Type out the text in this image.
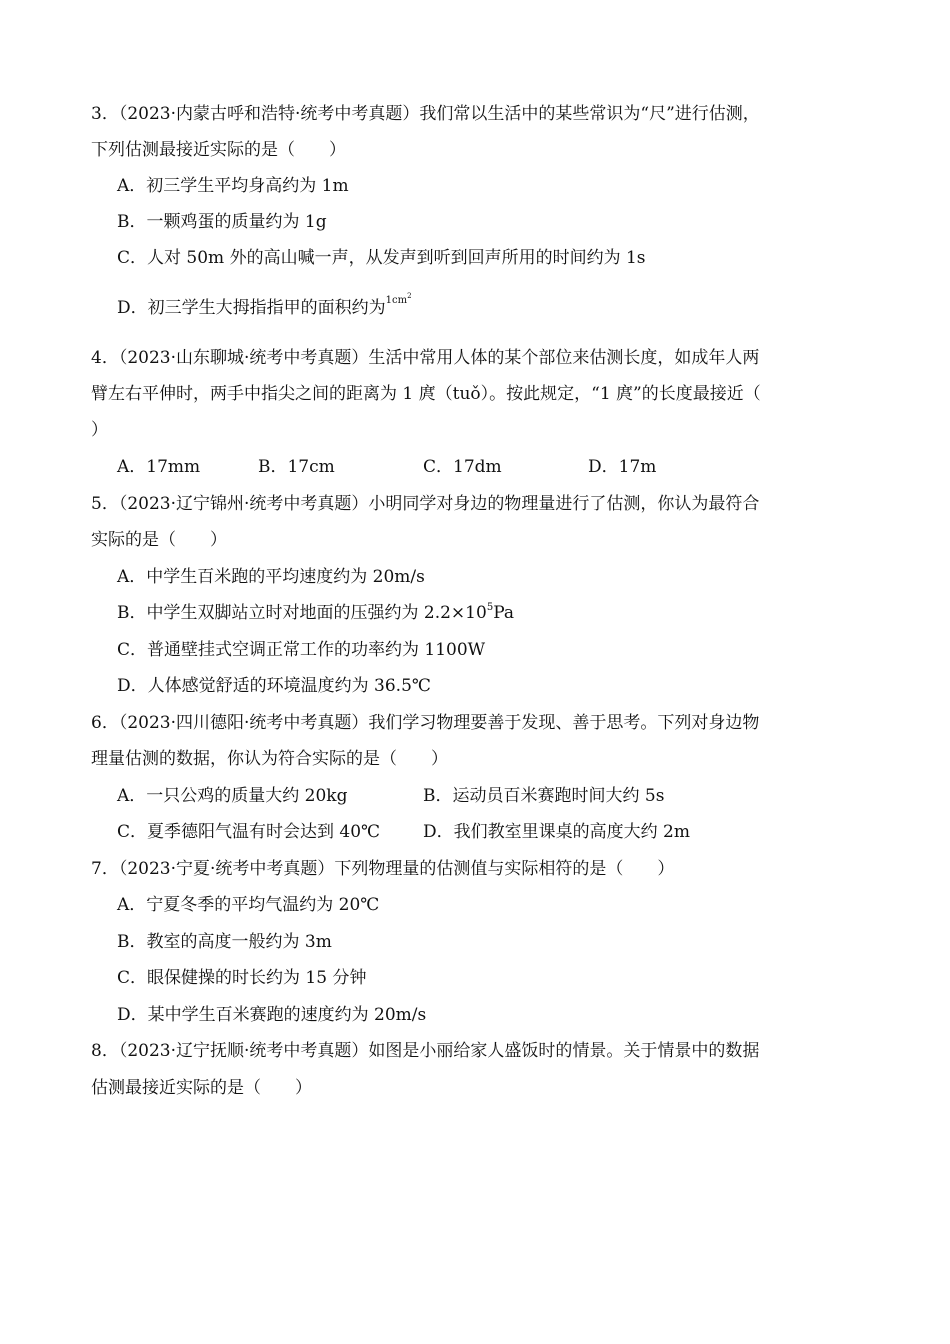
3．（2023·内蒙古呼和浩特·统考中考真题）我们常以生活中的某些常识为“尺”进行估测，
下列估测最接近实际的是（　　）
A．初三学生平均身高约为 1m
B．一颗鸡蛋的质量约为 1g
C．人对 50m 外的高山喊一声，从发声到听到回声所用的时间约为 1s
D．初三学生大拇指指甲的面积约为$^{1cm^2}$
4．（2023·山东聊城·统考中考真题）生活中常用人体的某个部位来估测长度，如成年人两
臂左右平伸时，两手中指尖之间的距离为 1 庹（tuǒ）。按此规定，“1 庹”的长度最接近（
）
A．17mm	B．17cm	C．17dm	D．17m
5．（2023·辽宁锦州·统考中考真题）小明同学对身边的物理量进行了估测，你认为最符合
实际的是（　　）
A．中学生百米跑的平均速度约为 20m/s
B．中学生双脚站立时对地面的压强约为 $2.2\times 10^5Pa$
C．普通壁挂式空调正常工作的功率约为 1100W
D．人体感觉舒适的环境温度约为 36.5℃
6．（2023·四川德阳·统考中考真题）我们学习物理要善于发现、善于思考。下列对身边物
理量估测的数据，你认为符合实际的是（　　）
A．一只公鸡的质量大约 20kg	B．运动员百米赛跑时间大约 5s
C．夏季德阳气温有时会达到 40℃	D．我们教室里课桌的高度大约 2m
7．（2023·宁夏·统考中考真题）下列物理量的估测值与实际相符的是（　　）
A．宁夏冬季的平均气温约为 20℃
B．教室的高度一般约为 3m
C．眼保健操的时长约为 15 分钟
D．某中学生百米赛跑的速度约为 20m/s
8．（2023·辽宁抚顺·统考中考真题）如图是小丽给家人盛饭时的情景。关于情景中的数据
估测最接近实际的是（　　）
